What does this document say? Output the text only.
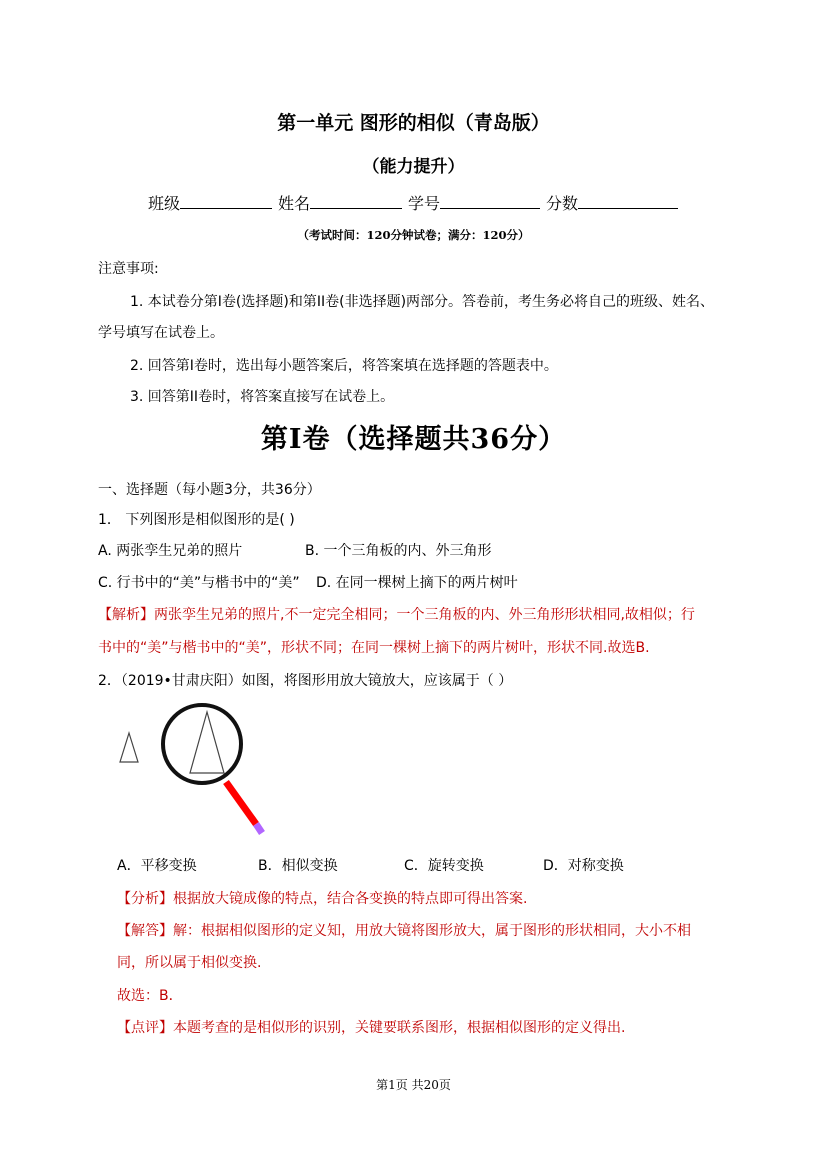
第一单元 图形的相似（青岛版）
（能力提升）
班级	姓名	学号	分数
（考试时间：120分钟试卷；满分：120分）
注意事项:
1. 本试卷分第I卷(选择题)和第II卷(非选择题)两部分。答卷前，考生务必将自己的班级、姓名、
学号填写在试卷上。
2. 回答第I卷时，选出每小题答案后，将答案填在选择题的答题表中。
3. 回答第II卷时，将答案直接写在试卷上。
第I卷（选择题共36分）
一、选择题（每小题3分，共36分）
1． 下列图形是相似图形的是( )
A. 两张孪生兄弟的照片	B. 一个三角板的内、外三角形
C. 行书中的“美”与楷书中的“美” D. 在同一棵树上摘下的两片树叶
【解析】两张孪生兄弟的照片,不一定完全相同；一个三角板的内、外三角形形状相同,故相似；行
书中的“美”与楷书中的“美”，形状不同；在同一棵树上摘下的两片树叶，形状不同.故选B.
2．（2019•甘肃庆阳）如图，将图形用放大镜放大，应该属于（ ）
A．平移变换	B．相似变换	C．旋转变换	D．对称变换
【分析】根据放大镜成像的特点，结合各变换的特点即可得出答案.
【解答】解：根据相似图形的定义知，用放大镜将图形放大，属于图形的形状相同，大小不相
同，所以属于相似变换.
故选：B．
【点评】本题考查的是相似形的识别，关键要联系图形，根据相似图形的定义得出.
第1页 共20页
